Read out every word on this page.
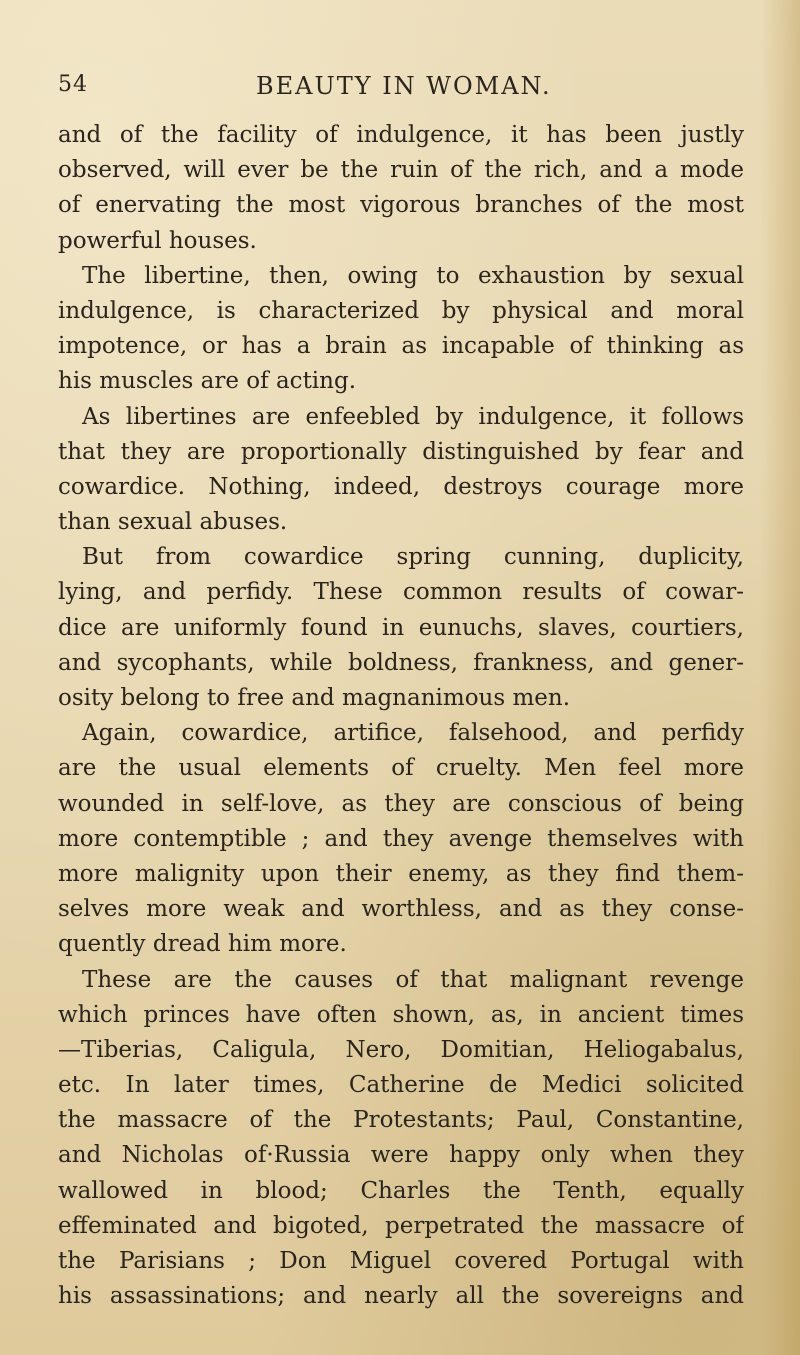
54	BEAUTY IN WOMAN.
and of the facility of indulgence, it has been justly
observed, will ever be the ruin of the rich, and a mode
of enervating the most vigorous branches of the most
powerful houses.
The libertine, then, owing to exhaustion by sexual
indulgence, is characterized by physical and moral
impotence, or has a brain as incapable of thinking as
his muscles are of acting.
As libertines are enfeebled by indulgence, it follows
that they are proportionally distinguished by fear and
cowardice. Nothing, indeed, destroys courage more
than sexual abuses.
But from cowardice spring cunning, duplicity,
lying, and perfidy. These common results of cowar-
dice are uniformly found in eunuchs, slaves, courtiers,
and sycophants, while boldness, frankness, and gener-
osity belong to free and magnanimous men.
Again, cowardice, artifice, falsehood, and perfidy
are the usual elements of cruelty. Men feel more
wounded in self-love, as they are conscious of being
more contemptible ; and they avenge themselves with
more malignity upon their enemy, as they find them-
selves more weak and worthless, and as they conse-
quently dread him more.
These are the causes of that malignant revenge
which princes have often shown, as, in ancient times
—Tiberias, Caligula, Nero, Domitian, Heliogabalus,
etc. In later times, Catherine de Medici solicited
the massacre of the Protestants; Paul, Constantine,
and Nicholas of·Russia were happy only when they
wallowed in blood; Charles the Tenth, equally
effeminated and bigoted, perpetrated the massacre of
the Parisians ; Don Miguel covered Portugal with
his assassinations; and nearly all the sovereigns and
